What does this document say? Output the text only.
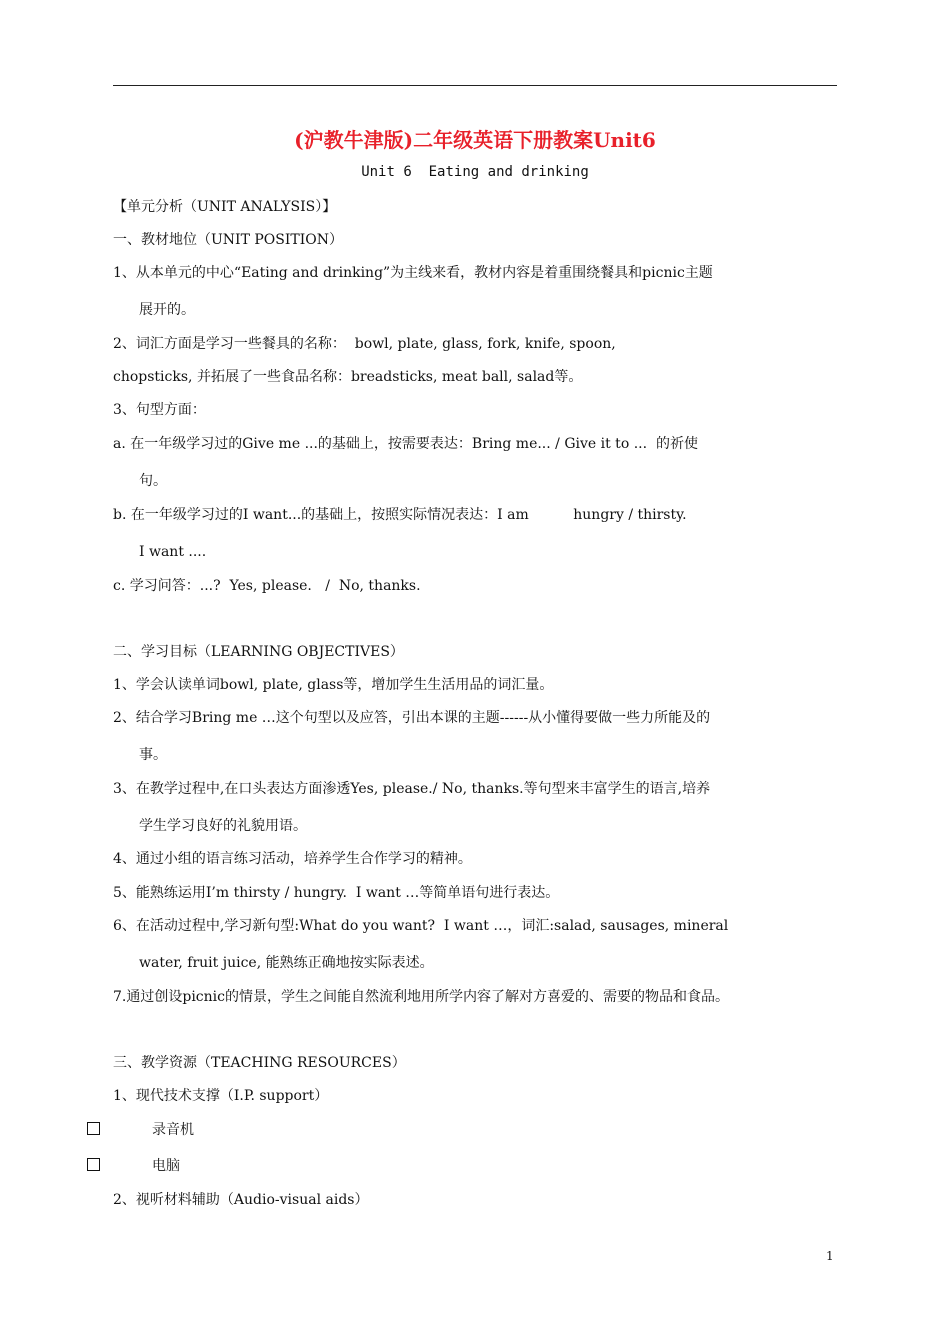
(沪教牛津版)二年级英语下册教案Unit6
Unit 6  Eating and drinking
【单元分析（UNIT ANALYSIS）】
一、教材地位（UNIT POSITION）
1、从本单元的中心“Eating and drinking”为主线来看，教材内容是着重围绕餐具和picnic主题
展开的。
2、词汇方面是学习一些餐具的名称：  bowl, plate, glass, fork, knife, spoon,
chopsticks, 并拓展了一些食品名称：breadsticks, meat ball, salad等。
3、句型方面：
a. 在一年级学习过的Give me ...的基础上，按需要表达：Bring me... / Give it to ...  的祈使
句。
b. 在一年级学习过的I want...的基础上，按照实际情况表达：I am          hungry / thirsty.
I want ....
c. 学习问答：...?  Yes, please.   /  No, thanks.
二、学习目标（LEARNING OBJECTIVES）
1、学会认读单词bowl, plate, glass等，增加学生生活用品的词汇量。
2、结合学习Bring me …这个句型以及应答，引出本课的主题------从小懂得要做一些力所能及的
事。
3、在教学过程中,在口头表达方面渗透Yes, please./ No, thanks.等句型来丰富学生的语言,培养
学生学习良好的礼貌用语。
4、通过小组的语言练习活动，培养学生合作学习的精神。
5、能熟练运用I’m thirsty / hungry.  I want …等简单语句进行表达。
6、在活动过程中,学习新句型:What do you want?  I want …，词汇:salad, sausages, mineral
water, fruit juice, 能熟练正确地按实际表述。
7.通过创设picnic的情景，学生之间能自然流利地用所学内容了解对方喜爱的、需要的物品和食品。
三、教学资源（TEACHING RESOURCES）
1、现代技术支撑（I.P. support）
录音机
电脑
2、视听材料辅助（Audio-visual aids）
1
